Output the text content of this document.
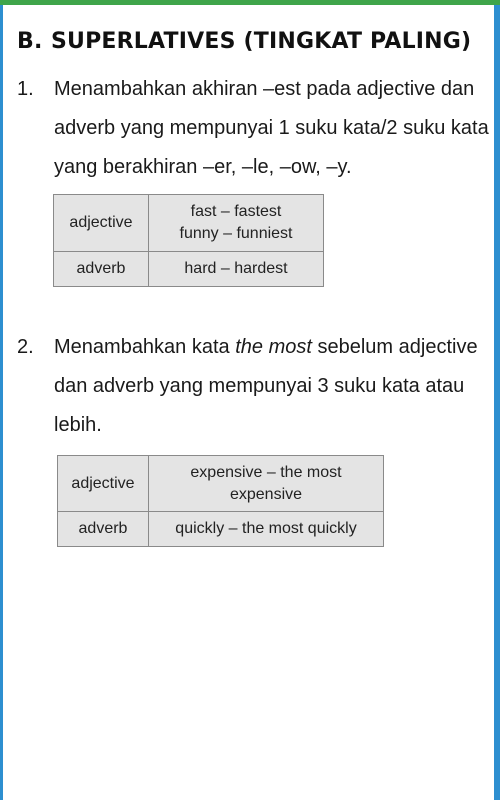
B. SUPERLATIVES (TINGKAT PALING)
1. Menambahkan akhiran –est pada adjective dan
adverb yang mempunyai 1 suku kata/2 suku kata
yang berakhiran –er, –le, –ow, –y.
adjective	fast – fastest
funny – funniest

adverb	hard – hardest
2. Menambahkan kata the most sebelum adjective
dan adverb yang mempunyai 3 suku kata atau
lebih.
adjective	expensive – the most
expensive

adverb	quickly – the most quickly
